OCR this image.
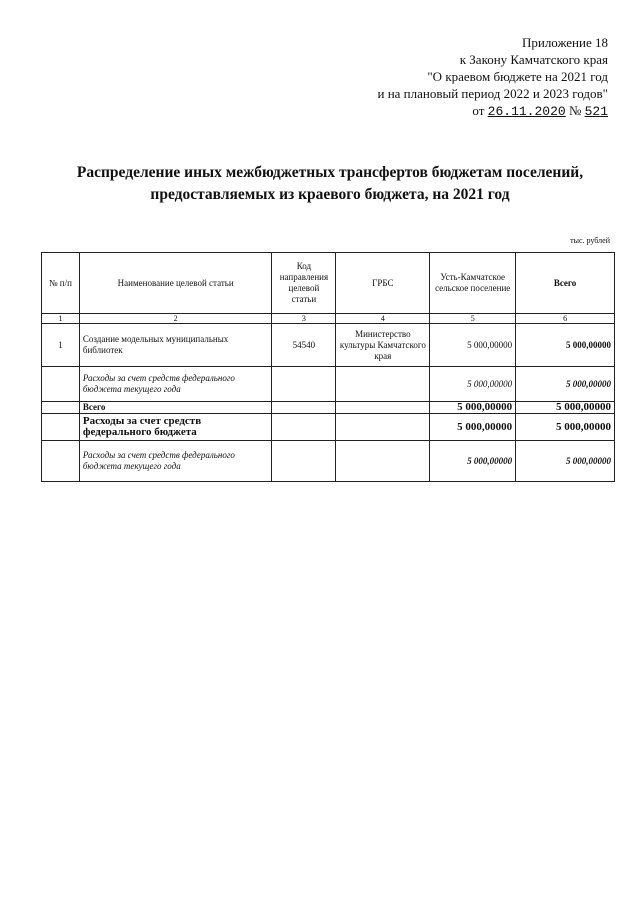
Приложение 18
к Закону Камчатского края
"О краевом бюджете на 2021 год
и на плановый период 2022 и 2023 годов"
от 26.11.2020 № 521
Распределение иных межбюджетных трансфертов бюджетам поселений,
предоставляемых из краевого бюджета, на 2021 год
тыс. рублей
№ п/п	Наименование целевой статьи	Код направления целевой статьи	ГРБС	Усть-Камчатское сельское поселение	Всего
1	2	3	4	5	6
1	Создание модельных муниципальных библиотек	54540	Министерство культуры Камчатского края	5 000,00000	5 000,00000
	Расходы за счет средств федерального бюджета текущего года			5 000,00000	5 000,00000
	Всего			5 000,00000	5 000,00000
	Расходы за счет средств федерального бюджета			5 000,00000	5 000,00000
	Расходы за счет средств федерального бюджета текущего года			5 000,00000	5 000,00000
